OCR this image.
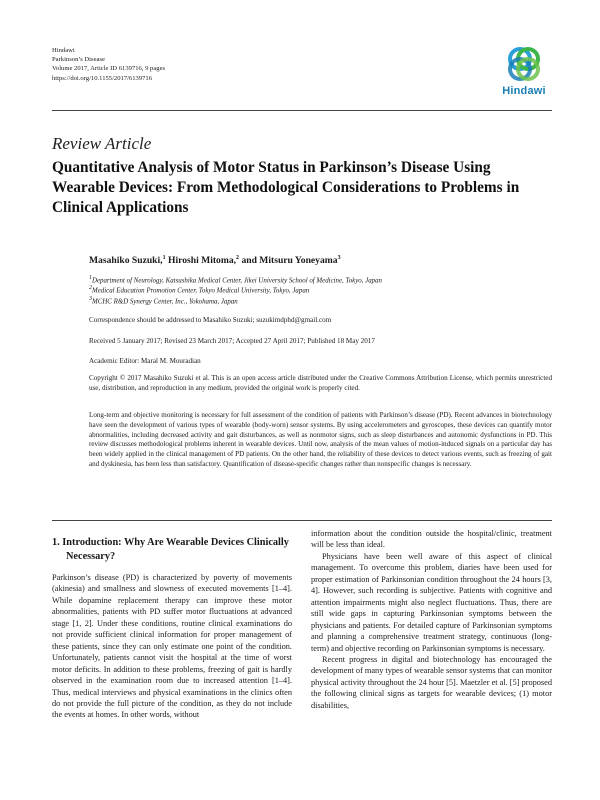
Hindawi
Parkinson’s Disease
Volume 2017, Article ID 6139716, 9 pages
https://doi.org/10.1155/2017/6139716
Hindawi
Review Article
Quantitative Analysis of Motor Status in Parkinson’s Disease Using Wearable Devices: From Methodological Considerations to Problems in Clinical Applications
Masahiko Suzuki,$^1$ Hiroshi Mitoma,$^2$ and Mitsuru Yoneyama$^3$
$^1$Department of Neurology, Katsushika Medical Center, Jikei University School of Medicine, Tokyo, Japan
$^2$Medical Education Promotion Center, Tokyo Medical University, Tokyo, Japan
$^3$MCHC R&D Synergy Center, Inc., Yokohama, Japan
Correspondence should be addressed to Masahiko Suzuki; suzukimdphd@gmail.com
Received 5 January 2017; Revised 23 March 2017; Accepted 27 April 2017; Published 18 May 2017
Academic Editor: Maral M. Mouradian
Copyright © 2017 Masahiko Suzuki et al. This is an open access article distributed under the Creative Commons Attribution License, which permits unrestricted use, distribution, and reproduction in any medium, provided the original work is properly cited.
Long-term and objective monitoring is necessary for full assessment of the condition of patients with Parkinson’s disease (PD). Recent advances in biotechnology have seen the development of various types of wearable (body-worn) sensor systems. By using accelerometers and gyroscopes, these devices can quantify motor abnormalities, including decreased activity and gait disturbances, as well as nonmotor signs, such as sleep disturbances and autonomic dysfunctions in PD. This review discusses methodological problems inherent in wearable devices. Until now, analysis of the mean values of motion-induced signals on a particular day has been widely applied in the clinical management of PD patients. On the other hand, the reliability of these devices to detect various events, such as freezing of gait and dyskinesia, has been less than satisfactory. Quantification of disease-specific changes rather than nonspecific changes is necessary.
1. Introduction: Why Are Wearable Devices Clinically Necessary?

Parkinson’s disease (PD) is characterized by poverty of movements (akinesia) and smallness and slowness of executed movements [1–4]. While dopamine replacement therapy can improve these motor abnormalities, patients with PD suffer motor fluctuations at advanced stage [1, 2]. Under these conditions, routine clinical examinations do not provide sufficient clinical information for proper management of these patients, since they can only estimate one point of the condition. Unfortunately, patients cannot visit the hospital at the time of worst motor deficits. In addition to these problems, freezing of gait is hardly observed in the examination room due to increased attention [1–4]. Thus, medical interviews and physical examinations in the clinics often do not provide the full picture of the condition, as they do not include the events at homes. In other words, without

information about the condition outside the hospital/clinic, treatment will be less than ideal.

Physicians have been well aware of this aspect of clinical management. To overcome this problem, diaries have been used for proper estimation of Parkinsonian condition throughout the 24 hours [3, 4]. However, such recording is subjective. Patients with cognitive and attention impairments might also neglect fluctuations. Thus, there are still wide gaps in capturing Parkinsonian symptoms between the physicians and patients. For detailed capture of Parkinsonian symptoms and planning a comprehensive treatment strategy, continuous (long-term) and objective recording on Parkinsonian symptoms is necessary.

Recent progress in digital and biotechnology has encouraged the development of many types of wearable sensor systems that can monitor physical activity throughout the 24 hour [5]. Maetzler et al. [5] proposed the following clinical signs as targets for wearable devices; (1) motor disabilities,
